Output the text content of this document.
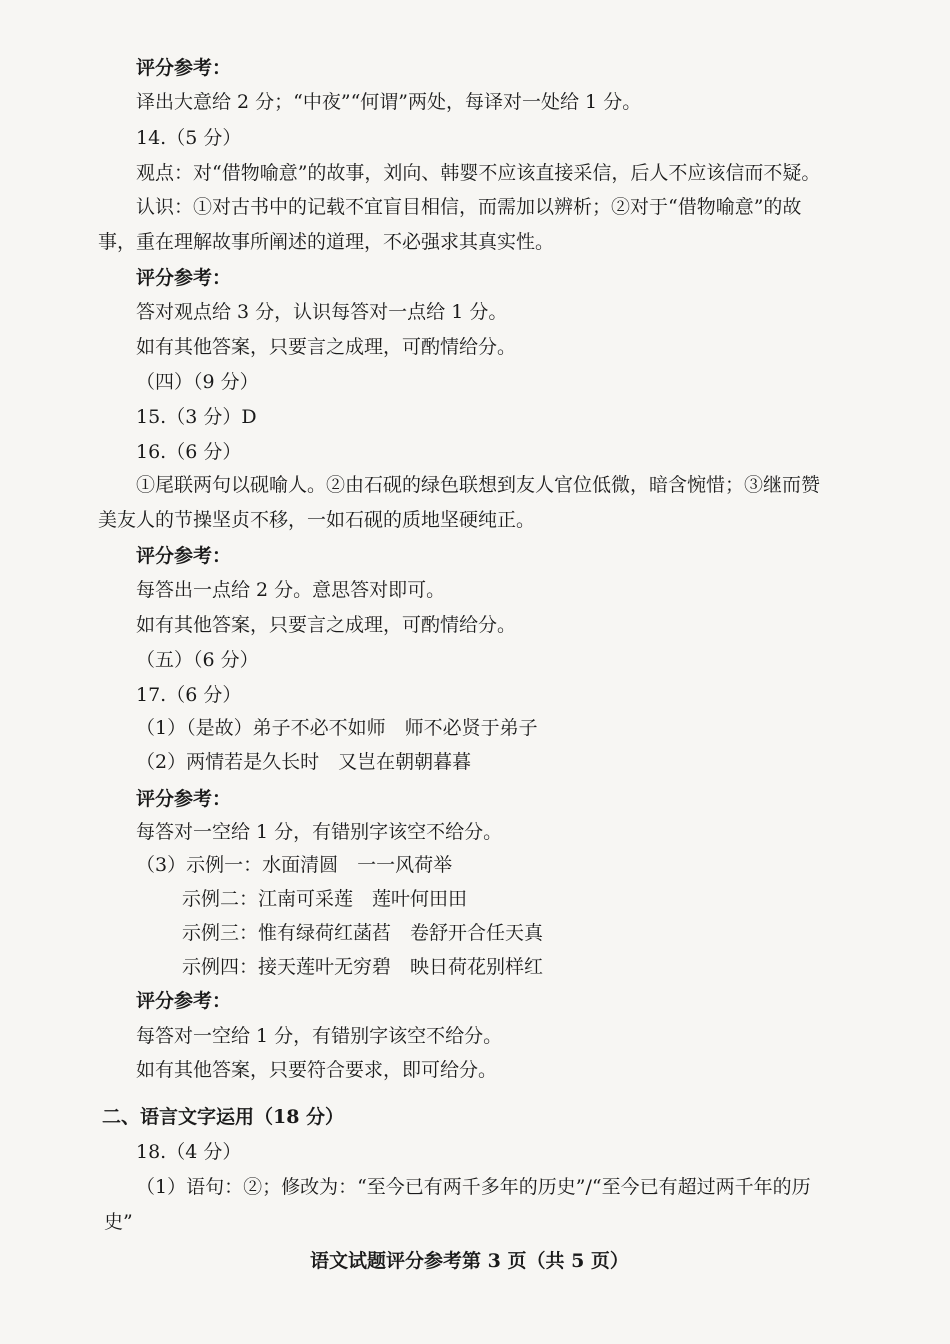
评分参考：
译出大意给 2 分；“中夜”“何谓”两处，每译对一处给 1 分。
14.（5 分）
观点：对“借物喻意”的故事，刘向、韩婴不应该直接采信，后人不应该信而不疑。
认识：①对古书中的记载不宜盲目相信，而需加以辨析；②对于“借物喻意”的故
事，重在理解故事所阐述的道理，不必强求其真实性。
评分参考：
答对观点给 3 分，认识每答对一点给 1 分。
如有其他答案，只要言之成理，可酌情给分。
（四）（9 分）
15.（3 分）D
16.（6 分）
①尾联两句以砚喻人。②由石砚的绿色联想到友人官位低微，暗含惋惜；③继而赞
美友人的节操坚贞不移，一如石砚的质地坚硬纯正。
评分参考：
每答出一点给 2 分。意思答对即可。
如有其他答案，只要言之成理，可酌情给分。
（五）（6 分）
17.（6 分）
（1）（是故）弟子不必不如师　师不必贤于弟子
（2）两情若是久长时　又岂在朝朝暮暮
评分参考：
每答对一空给 1 分，有错别字该空不给分。
（3）示例一：水面清圆　一一风荷举
示例二：江南可采莲　莲叶何田田
示例三：惟有绿荷红菡萏　卷舒开合任天真
示例四：接天莲叶无穷碧　映日荷花别样红
评分参考：
每答对一空给 1 分，有错别字该空不给分。
如有其他答案，只要符合要求，即可给分。
二、语言文字运用（18 分）
18.（4 分）
（1）语句：②；修改为：“至今已有两千多年的历史”/“至今已有超过两千年的历
史”
语文试题评分参考第 3 页（共 5 页）
